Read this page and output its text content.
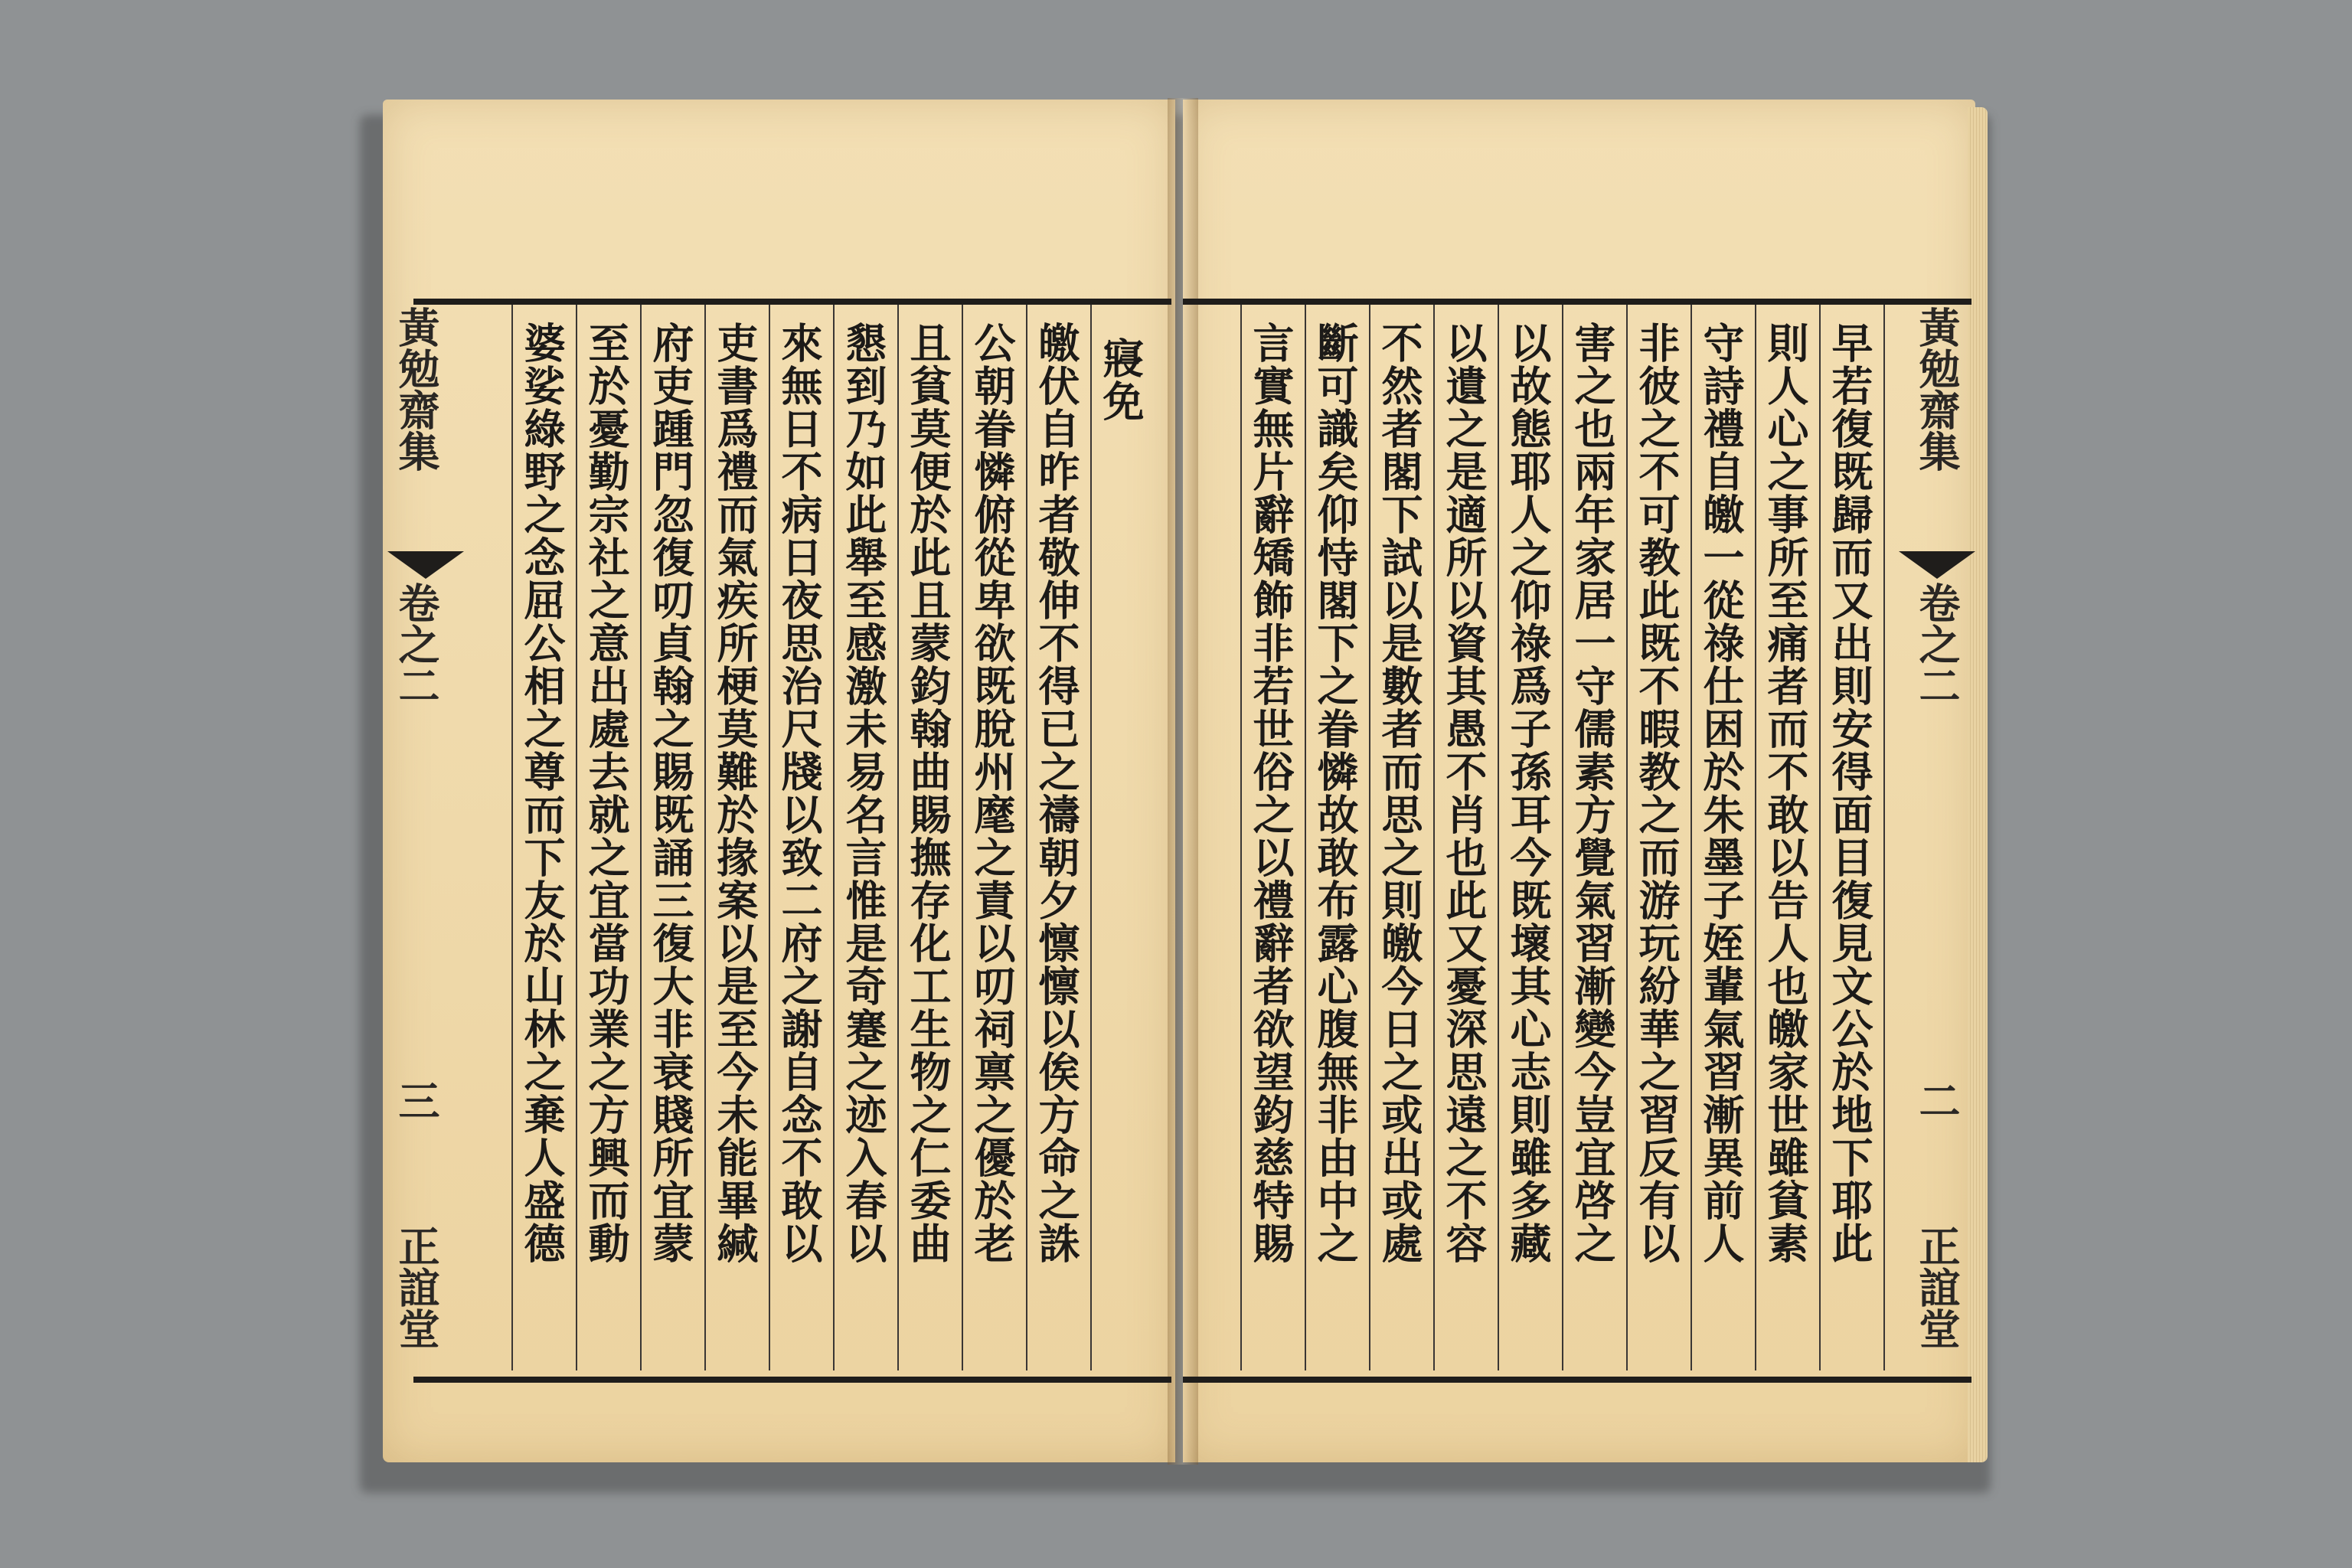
黃勉齋集
卷之二
三
正誼堂
黃勉齋集
卷之二
二
正誼堂
寢免
皦伏自昨者敬伸不得已之禱朝夕懔懔以俟方命之誅
公朝眷憐俯從卑欲既脫州麾之責以叨祠禀之優於老
且貧莫便於此且蒙鈞翰曲賜撫存化工生物之仁委曲
懇到乃如此舉至感激未易名言惟是奇蹇之迹入春以
來無日不病日夜思治尺牋以致二府之謝自念不敢以
吏書爲禮而氣疾所梗莫難於掾案以是至今未能畢緘
府吏踵門忽復叨貞翰之賜既誦三復大非衰賤所宜蒙
至於憂勤宗社之意出處去就之宜當功業之方興而動
婆娑綠野之念屈公相之尊而下友於山林之棄人盛德	早若復既歸而又出則安得面目復見文公於地下耶此
則人心之事所至痛者而不敢以告人也皦家世雖貧素
守詩禮自皦一從祿仕困於朱墨子姪輩氣習漸異前人
非彼之不可教此既不暇教之而游玩紛華之習反有以
害之也兩年家居一守儒素方覺氣習漸變今豈宜啓之
以故態耶人之仰祿爲子孫耳今既壞其心志則雖多藏
以遺之是適所以資其愚不肖也此又憂深思遠之不容
不然者閣下試以是數者而思之則皦今日之或出或處
斷可識矣仰恃閣下之眷憐故敢布露心腹無非由中之
言實無片辭矯飾非若世俗之以禮辭者欲望鈞慈特賜
